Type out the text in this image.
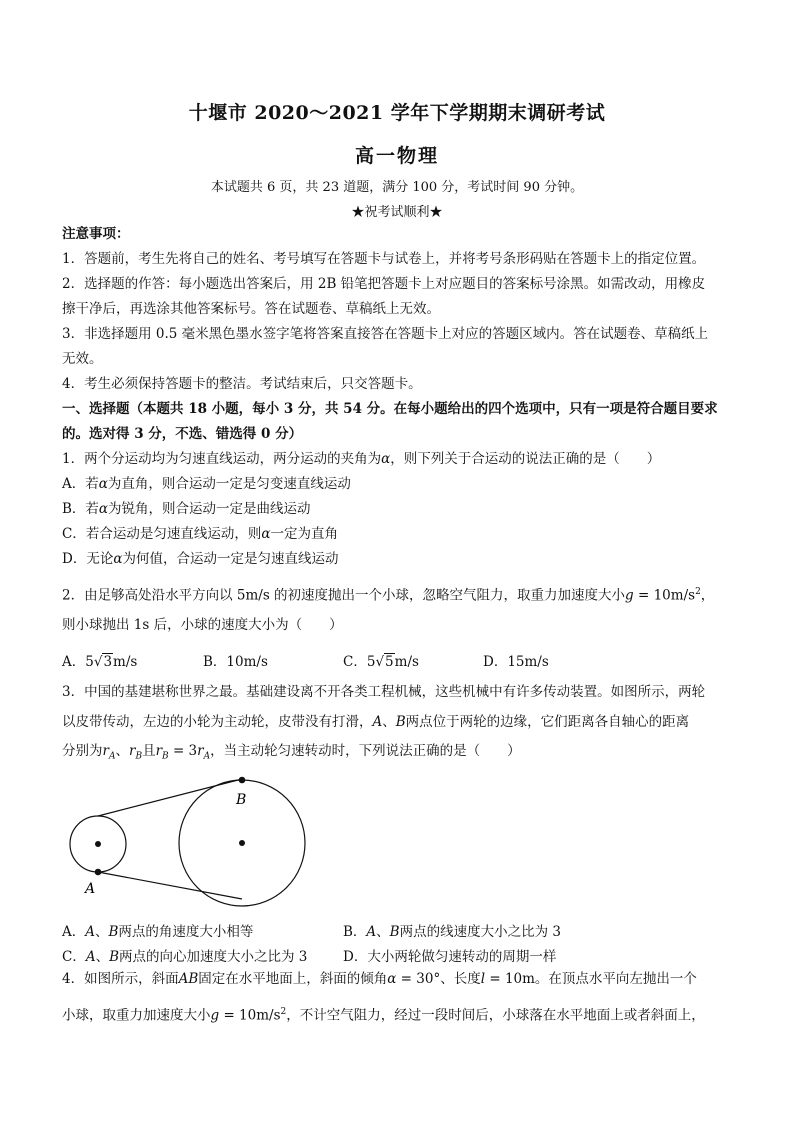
十堰市 2020～2021 学年下学期期末调研考试
高一物理
本试题共 6 页，共 23 道题，满分 100 分，考试时间 90 分钟。
★祝考试顺利★
注意事项：
1．答题前，考生先将自己的姓名、考号填写在答题卡与试卷上，并将考号条形码贴在答题卡上的指定位置。
2．选择题的作答：每小题选出答案后，用 2B 铅笔把答题卡上对应题目的答案标号涂黑。如需改动，用橡皮
擦干净后，再选涂其他答案标号。答在试题卷、草稿纸上无效。
3．非选择题用 0.5 毫米黑色墨水签字笔将答案直接答在答题卡上对应的答题区域内。答在试题卷、草稿纸上
无效。
4．考生必须保持答题卡的整洁。考试结束后，只交答题卡。
一、选择题（本题共 18 小题，每小 3 分，共 54 分。在每小题给出的四个选项中，只有一项是符合题目要求
的。选对得 3 分，不选、错选得 0 分）
1．两个分运动均为匀速直线运动，两分运动的夹角为α，则下列关于合运动的说法正确的是（　　）
A．若α为直角，则合运动一定是匀变速直线运动
B．若α为锐角，则合运动一定是曲线运动
C．若合运动是匀速直线运动，则α一定为直角
D．无论α为何值，合运动一定是匀速直线运动
2．由足够高处沿水平方向以 5m/s 的初速度抛出一个小球，忽略空气阻力，取重力加速度大小$g = 10m/s^2$，
则小球抛出 1s 后，小球的速度大小为（　　）
A．5√3m/s	B．10m/s	C．5√5m/s	D．15m/s
3．中国的基建堪称世界之最。基础建设离不开各类工程机械，这些机械中有许多传动装置。如图所示，两轮
以皮带传动，左边的小轮为主动轮，皮带没有打滑，A、B两点位于两轮的边缘，它们距离各自轴心的距离
分别为$r_A$、$r_B$且$r_B = 3r_A$，当主动轮匀速转动时，下列说法正确的是（　　）
B
A
A．A、B两点的角速度大小相等	B．A、B两点的线速度大小之比为 3
C．A、B两点的向心加速度大小之比为 3	D．大小两轮做匀速转动的周期一样
4．如图所示，斜面AB固定在水平地面上，斜面的倾角α = 30°、长度l = 10m。在顶点水平向左抛出一个
小球，取重力加速度大小$g = 10m/s^2$，不计空气阻力，经过一段时间后，小球落在水平地面上或者斜面上，
